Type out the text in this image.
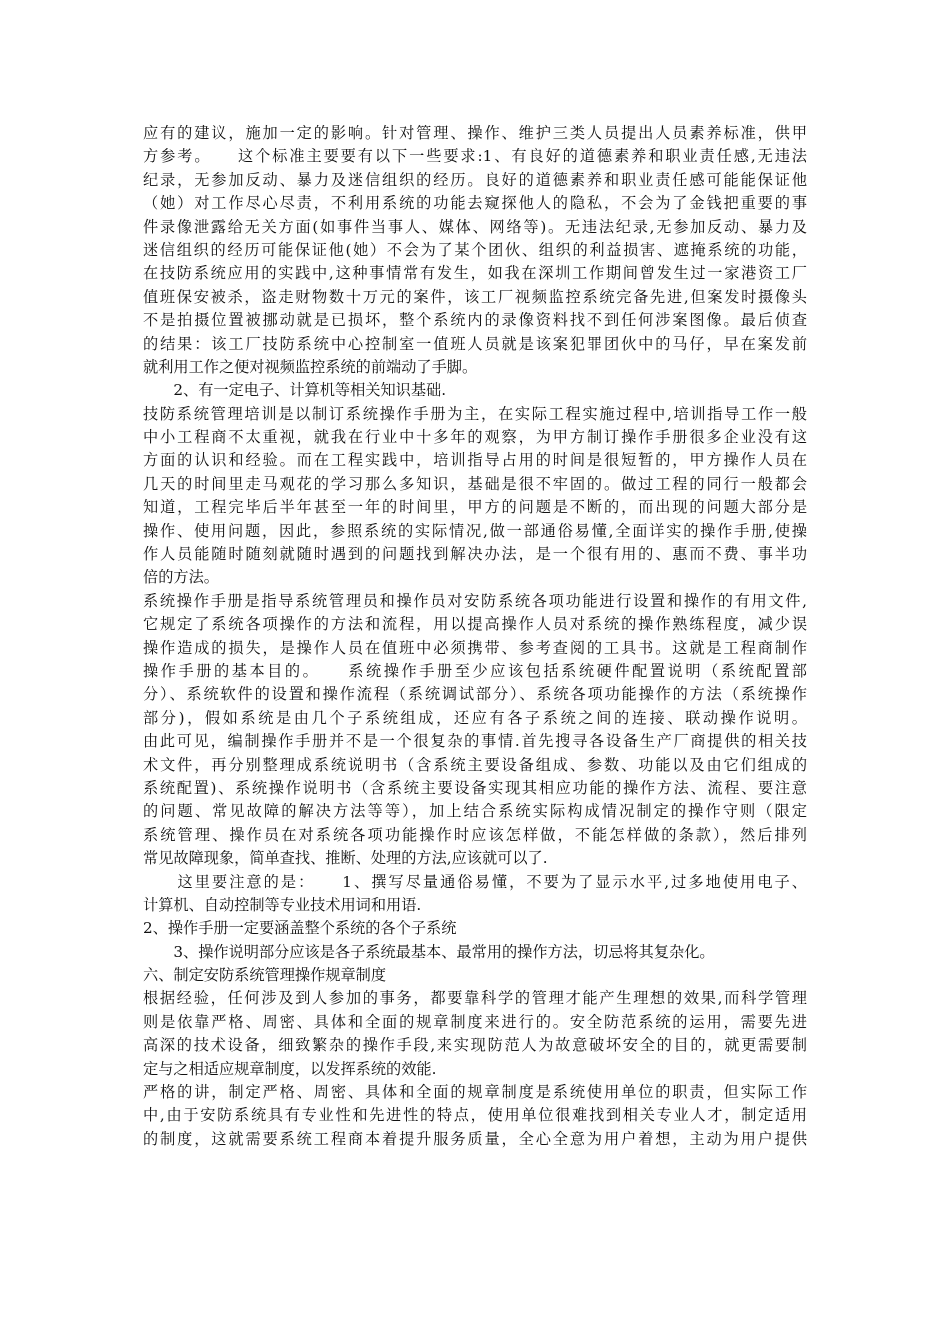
应有的建议，施加一定的影响。针对管理、操作、维护三类人员提出人员素养标准，供甲
方参考。　　这个标准主要要有以下一些要求:1、有良好的道德素养和职业责任感,无违法
纪录，无参加反动、暴力及迷信组织的经历。良好的道德素养和职业责任感可能能保证他
（她）对工作尽心尽责，不利用系统的功能去窥探他人的隐私，不会为了金钱把重要的事
件录像泄露给无关方面(如事件当事人、媒体、网络等)。无违法纪录,无参加反动、暴力及
迷信组织的经历可能保证他(她）不会为了某个团伙、组织的利益损害、遮掩系统的功能，
在技防系统应用的实践中,这种事情常有发生，如我在深圳工作期间曾发生过一家港资工厂
值班保安被杀，盗走财物数十万元的案件，该工厂视频监控系统完备先进,但案发时摄像头
不是拍摄位置被挪动就是已损坏，整个系统内的录像资料找不到任何涉案图像。最后侦查
的结果：该工厂技防系统中心控制室一值班人员就是该案犯罪团伙中的马仔，早在案发前
就利用工作之便对视频监控系统的前端动了手脚。
　　2、有一定电子、计算机等相关知识基础.
技防系统管理培训是以制订系统操作手册为主，在实际工程实施过程中,培训指导工作一般
中小工程商不太重视，就我在行业中十多年的观察，为甲方制订操作手册很多企业没有这
方面的认识和经验。而在工程实践中，培训指导占用的时间是很短暂的，甲方操作人员在
几天的时间里走马观花的学习那么多知识，基础是很不牢固的。做过工程的同行一般都会
知道，工程完毕后半年甚至一年的时间里，甲方的问题是不断的，而出现的问题大部分是
操作、使用问题，因此，参照系统的实际情况,做一部通俗易懂,全面详实的操作手册,使操
作人员能随时随刻就随时遇到的问题找到解决办法，是一个很有用的、惠而不费、事半功
倍的方法。
系统操作手册是指导系统管理员和操作员对安防系统各项功能进行设置和操作的有用文件,
它规定了系统各项操作的方法和流程，用以提高操作人员对系统的操作熟练程度，减少误
操作造成的损失，是操作人员在值班中必须携带、参考查阅的工具书。这就是工程商制作
操作手册的基本目的。　　系统操作手册至少应该包括系统硬件配置说明（系统配置部
分）、系统软件的设置和操作流程（系统调试部分）、系统各项功能操作的方法（系统操作
部分)，假如系统是由几个子系统组成，还应有各子系统之间的连接、联动操作说明。
由此可见，编制操作手册并不是一个很复杂的事情.首先搜寻各设备生产厂商提供的相关技
术文件，再分别整理成系统说明书（含系统主要设备组成、参数、功能以及由它们组成的
系统配置)、系统操作说明书（含系统主要设备实现其相应功能的操作方法、流程、要注意
的问题、常见故障的解决方法等等），加上结合系统实际构成情况制定的操作守则（限定
系统管理、操作员在对系统各项功能操作时应该怎样做，不能怎样做的条款），然后排列
常见故障现象，简单查找、推断、处理的方法,应该就可以了.
　　这里要注意的是：　　1、撰写尽量通俗易懂，不要为了显示水平,过多地使用电子、
计算机、自动控制等专业技术用词和用语.
2、操作手册一定要涵盖整个系统的各个子系统
　　3、操作说明部分应该是各子系统最基本、最常用的操作方法，切忌将其复杂化。
六、制定安防系统管理操作规章制度
根据经验，任何涉及到人参加的事务，都要靠科学的管理才能产生理想的效果,而科学管理
则是依靠严格、周密、具体和全面的规章制度来进行的。安全防范系统的运用，需要先进
高深的技术设备，细致繁杂的操作手段,来实现防范人为故意破坏安全的目的，就更需要制
定与之相适应规章制度，以发挥系统的效能.
严格的讲，制定严格、周密、具体和全面的规章制度是系统使用单位的职责，但实际工作
中,由于安防系统具有专业性和先进性的特点，使用单位很难找到相关专业人才，制定适用
的制度，这就需要系统工程商本着提升服务质量，全心全意为用户着想，主动为用户提供
